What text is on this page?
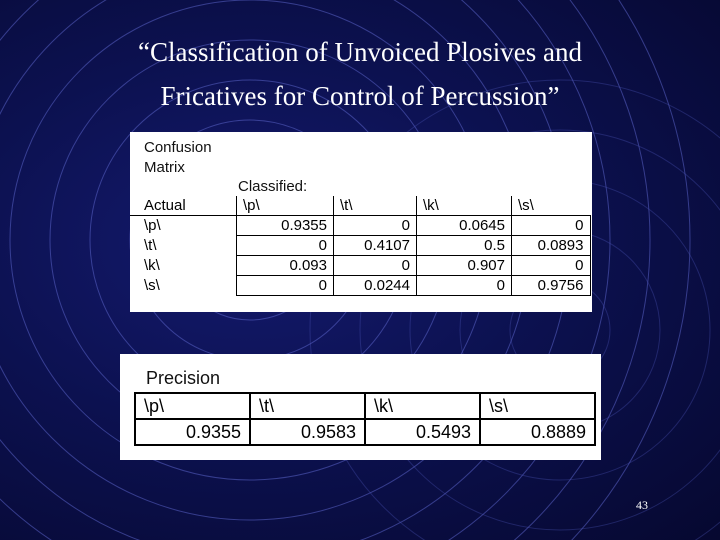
“Classification of Unvoiced Plosives and
Fricatives for Control of Percussion”
Confusion
Matrix
Classified:
Actual	\p\	\t\	\k\	\s\
\p\	0.9355	0	0.0645	0
\t\	0	0.4107	0.5	0.0893
\k\	0.093	0	0.907	0
\s\	0	0.0244	0	0.9756
Precision
\p\	\t\	\k\	\s\
0.9355	0.9583	0.5493	0.8889
43
